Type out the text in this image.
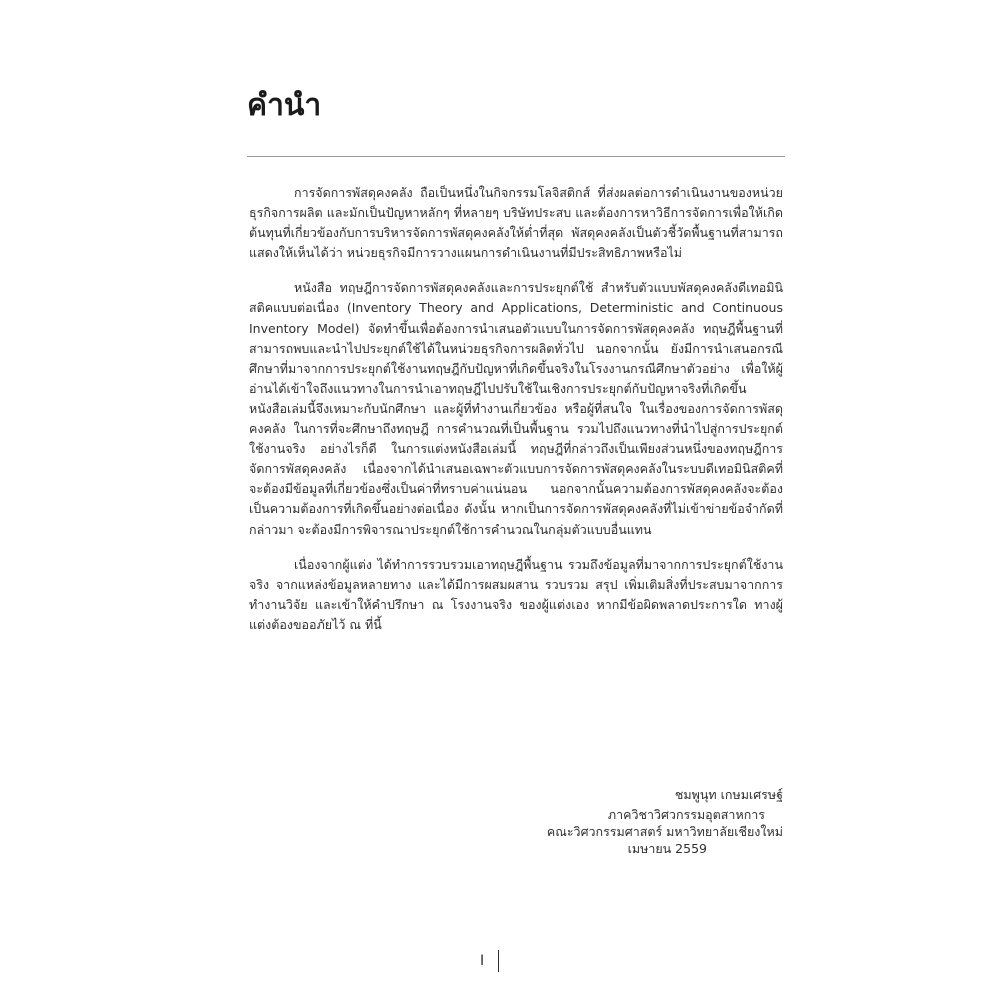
คำนำ

การจัดการพัสดุคงคลัง ถือเป็นหนึ่งในกิจกรรมโลจิสติกส์ ที่ส่งผลต่อการดำเนินงานของหน่วยธุรกิจการผลิต และมักเป็นปัญหาหลักๆ ที่หลายๆ บริษัทประสบ และต้องการหาวิธีการจัดการเพื่อให้เกิดต้นทุนที่เกี่ยวข้องกับการบริหารจัดการพัสดุคงคลังให้ต่ำที่สุด พัสดุคงคลังเป็นตัวชี้วัดพื้นฐานที่สามารถแสดงให้เห็นได้ว่า หน่วยธุรกิจมีการวางแผนการดำเนินงานที่มีประสิทธิภาพหรือไม่

หนังสือ ทฤษฎีการจัดการพัสดุคงคลังและการประยุกต์ใช้ สำหรับตัวแบบพัสดุคงคลังดีเทอมินิสติคแบบต่อเนื่อง (Inventory Theory and Applications, Deterministic and Continuous Inventory Model) จัดทำขึ้นเพื่อต้องการนำเสนอตัวแบบในการจัดการพัสดุคงคลัง ทฤษฎีพื้นฐานที่สามารถพบและนำไปประยุกต์ใช้ได้ในหน่วยธุรกิจการผลิตทั่วไป นอกจากนั้น ยังมีการนำเสนอกรณีศึกษาที่มาจากการประยุกต์ใช้งานทฤษฎีกับปัญหาที่เกิดขึ้นจริงในโรงงานกรณีศึกษาตัวอย่าง เพื่อให้ผู้อ่านได้เข้าใจถึงแนวทางในการนำเอาทฤษฎีไปปรับใช้ในเชิงการประยุกต์กับปัญหาจริงที่เกิดขึ้น หนังสือเล่มนี้จึงเหมาะกับนักศึกษา และผู้ที่ทำงานเกี่ยวข้อง หรือผู้ที่สนใจ ในเรื่องของการจัดการพัสดุคงคลัง ในการที่จะศึกษาถึงทฤษฎี การคำนวณที่เป็นพื้นฐาน รวมไปถึงแนวทางที่นำไปสู่การประยุกต์ใช้งานจริง อย่างไรก็ดี ในการแต่งหนังสือเล่มนี้ ทฤษฎีที่กล่าวถึงเป็นเพียงส่วนหนึ่งของทฤษฎีการจัดการพัสดุคงคลัง เนื่องจากได้นำเสนอเฉพาะตัวแบบการจัดการพัสดุคงคลังในระบบดีเทอมินิสติคที่จะต้องมีข้อมูลที่เกี่ยวข้องซึ่งเป็นค่าที่ทราบค่าแน่นอน นอกจากนั้นความต้องการพัสดุคงคลังจะต้องเป็นความต้องการที่เกิดขึ้นอย่างต่อเนื่อง ดังนั้น หากเป็นการจัดการพัสดุคงคลังที่ไม่เข้าข่ายข้อจำกัดที่กล่าวมา จะต้องมีการพิจารณาประยุกต์ใช้การคำนวณในกลุ่มตัวแบบอื่นแทน

เนื่องจากผู้แต่ง ได้ทำการรวบรวมเอาทฤษฎีพื้นฐาน รวมถึงข้อมูลที่มาจากการประยุกต์ใช้งานจริง จากแหล่งข้อมูลหลายทาง และได้มีการผสมผสาน รวบรวม สรุป เพิ่มเติมสิ่งที่ประสบมาจากการทำงานวิจัย และเข้าให้คำปรึกษา ณ โรงงานจริง ของผู้แต่งเอง หากมีข้อผิดพลาดประการใด ทางผู้แต่งต้องขออภัยไว้ ณ ที่นี้

ชมพูนุท เกษมเศรษฐ์
ภาควิชาวิศวกรรมอุตสาหการ
คณะวิศวกรรมศาสตร์ มหาวิทยาลัยเชียงใหม่
เมษายน 2559
I
